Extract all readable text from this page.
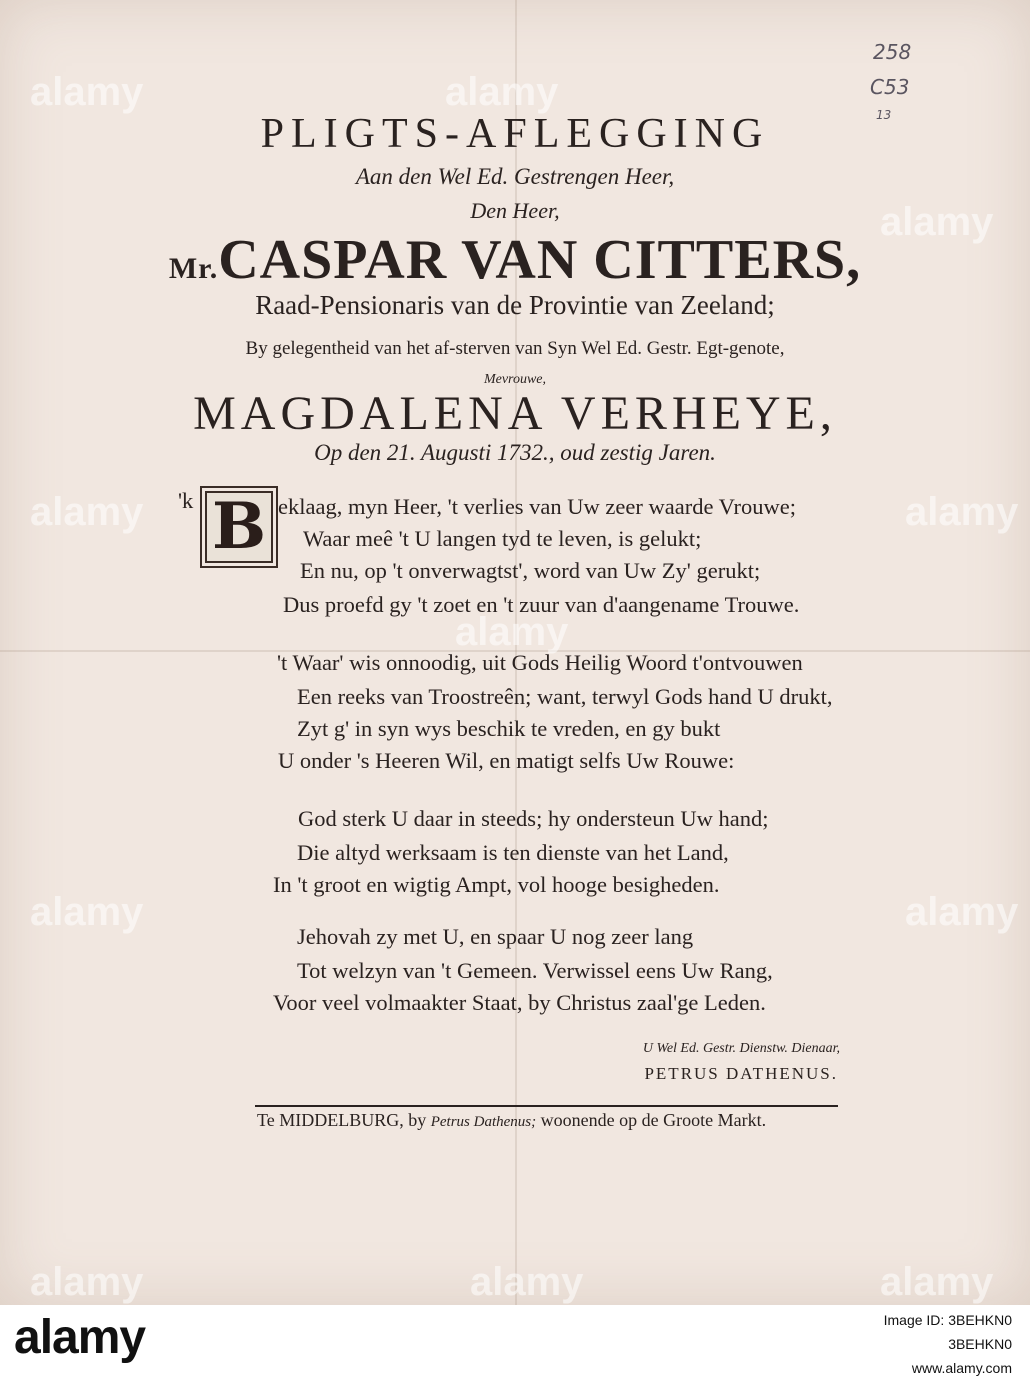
258
C53
13
PLIGTS-AFLEGGING
Aan den Wel Ed. Gestrengen Heer,
Den Heer,
Mr.CASPAR VAN CITTERS,
Raad-Pensionaris van de Provintie van Zeeland;
By gelegentheid van het af-sterven van Syn Wel Ed. Gestr. Egt-genote,
Mevrouwe,
MAGDALENA VERHEYE,
Op den 21. Augusti 1732., oud zestig Jaren.
'k B eklaag, myn Heer, 't verlies van Uw zeer waarde Vrouwe;
Waar meê 't U langen tyd te leven, is gelukt;
En nu, op 't onverwagtst', word van Uw Zy' gerukt;
Dus proefd gy 't zoet en 't zuur van d'aangename Trouwe.
't Waar' wis onnoodig, uit Gods Heilig Woord t'ontvouwen
Een reeks van Troostreên; want, terwyl Gods hand U drukt,
Zyt g' in syn wys beschik te vreden, en gy bukt
U onder 's Heeren Wil, en matigt selfs Uw Rouwe:
God sterk U daar in steeds; hy ondersteun Uw hand;
Die altyd werksaam is ten dienste van het Land,
In 't groot en wigtig Ampt, vol hooge besigheden.
Jehovah zy met U, en spaar U nog zeer lang
Tot welzyn van 't Gemeen. Verwissel eens Uw Rang,
Voor veel volmaakter Staat, by Christus zaal'ge Leden.
U Wel Ed. Gestr. Dienstw. Dienaar,
PETRUS DATHENUS.
Te MIDDELBURG, by Petrus Dathenus; woonende op de Groote Markt.
alamy	alamy
alamy
alamy	alamy
alamy
alamy	alamy
alamy	alamy	alamy
alamy	Image ID: 3BEHKN0
3BEHKN0
www.alamy.com
